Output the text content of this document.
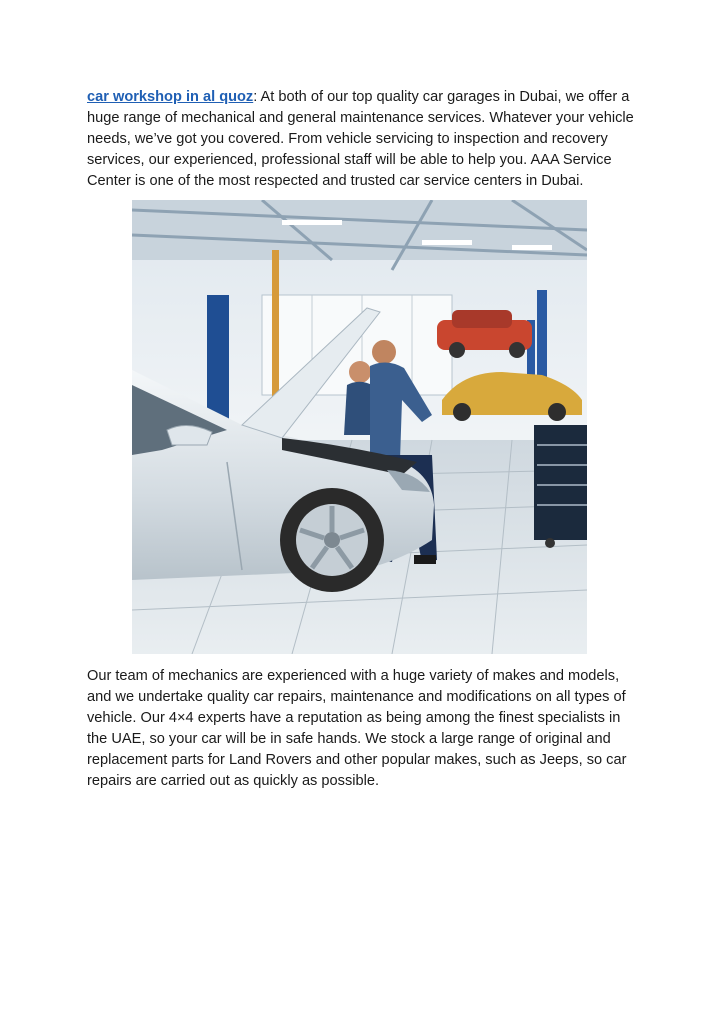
car workshop in al quoz: At both of our top quality car garages in Dubai, we offer a huge range of mechanical and general maintenance services. Whatever your vehicle needs, we’ve got you covered. From vehicle servicing to inspection and recovery services, our experienced, professional staff will be able to help you. AAA Service Center is one of the most respected and trusted car service centers in Dubai.

Our team of mechanics are experienced with a huge variety of makes and models, and we undertake quality car repairs, maintenance and modifications on all types of vehicle. Our 4×4 experts have a reputation as being among the finest specialists in the UAE, so your car will be in safe hands. We stock a large range of original and replacement parts for Land Rovers and other popular makes, such as Jeeps, so car repairs are carried out as quickly as possible.
